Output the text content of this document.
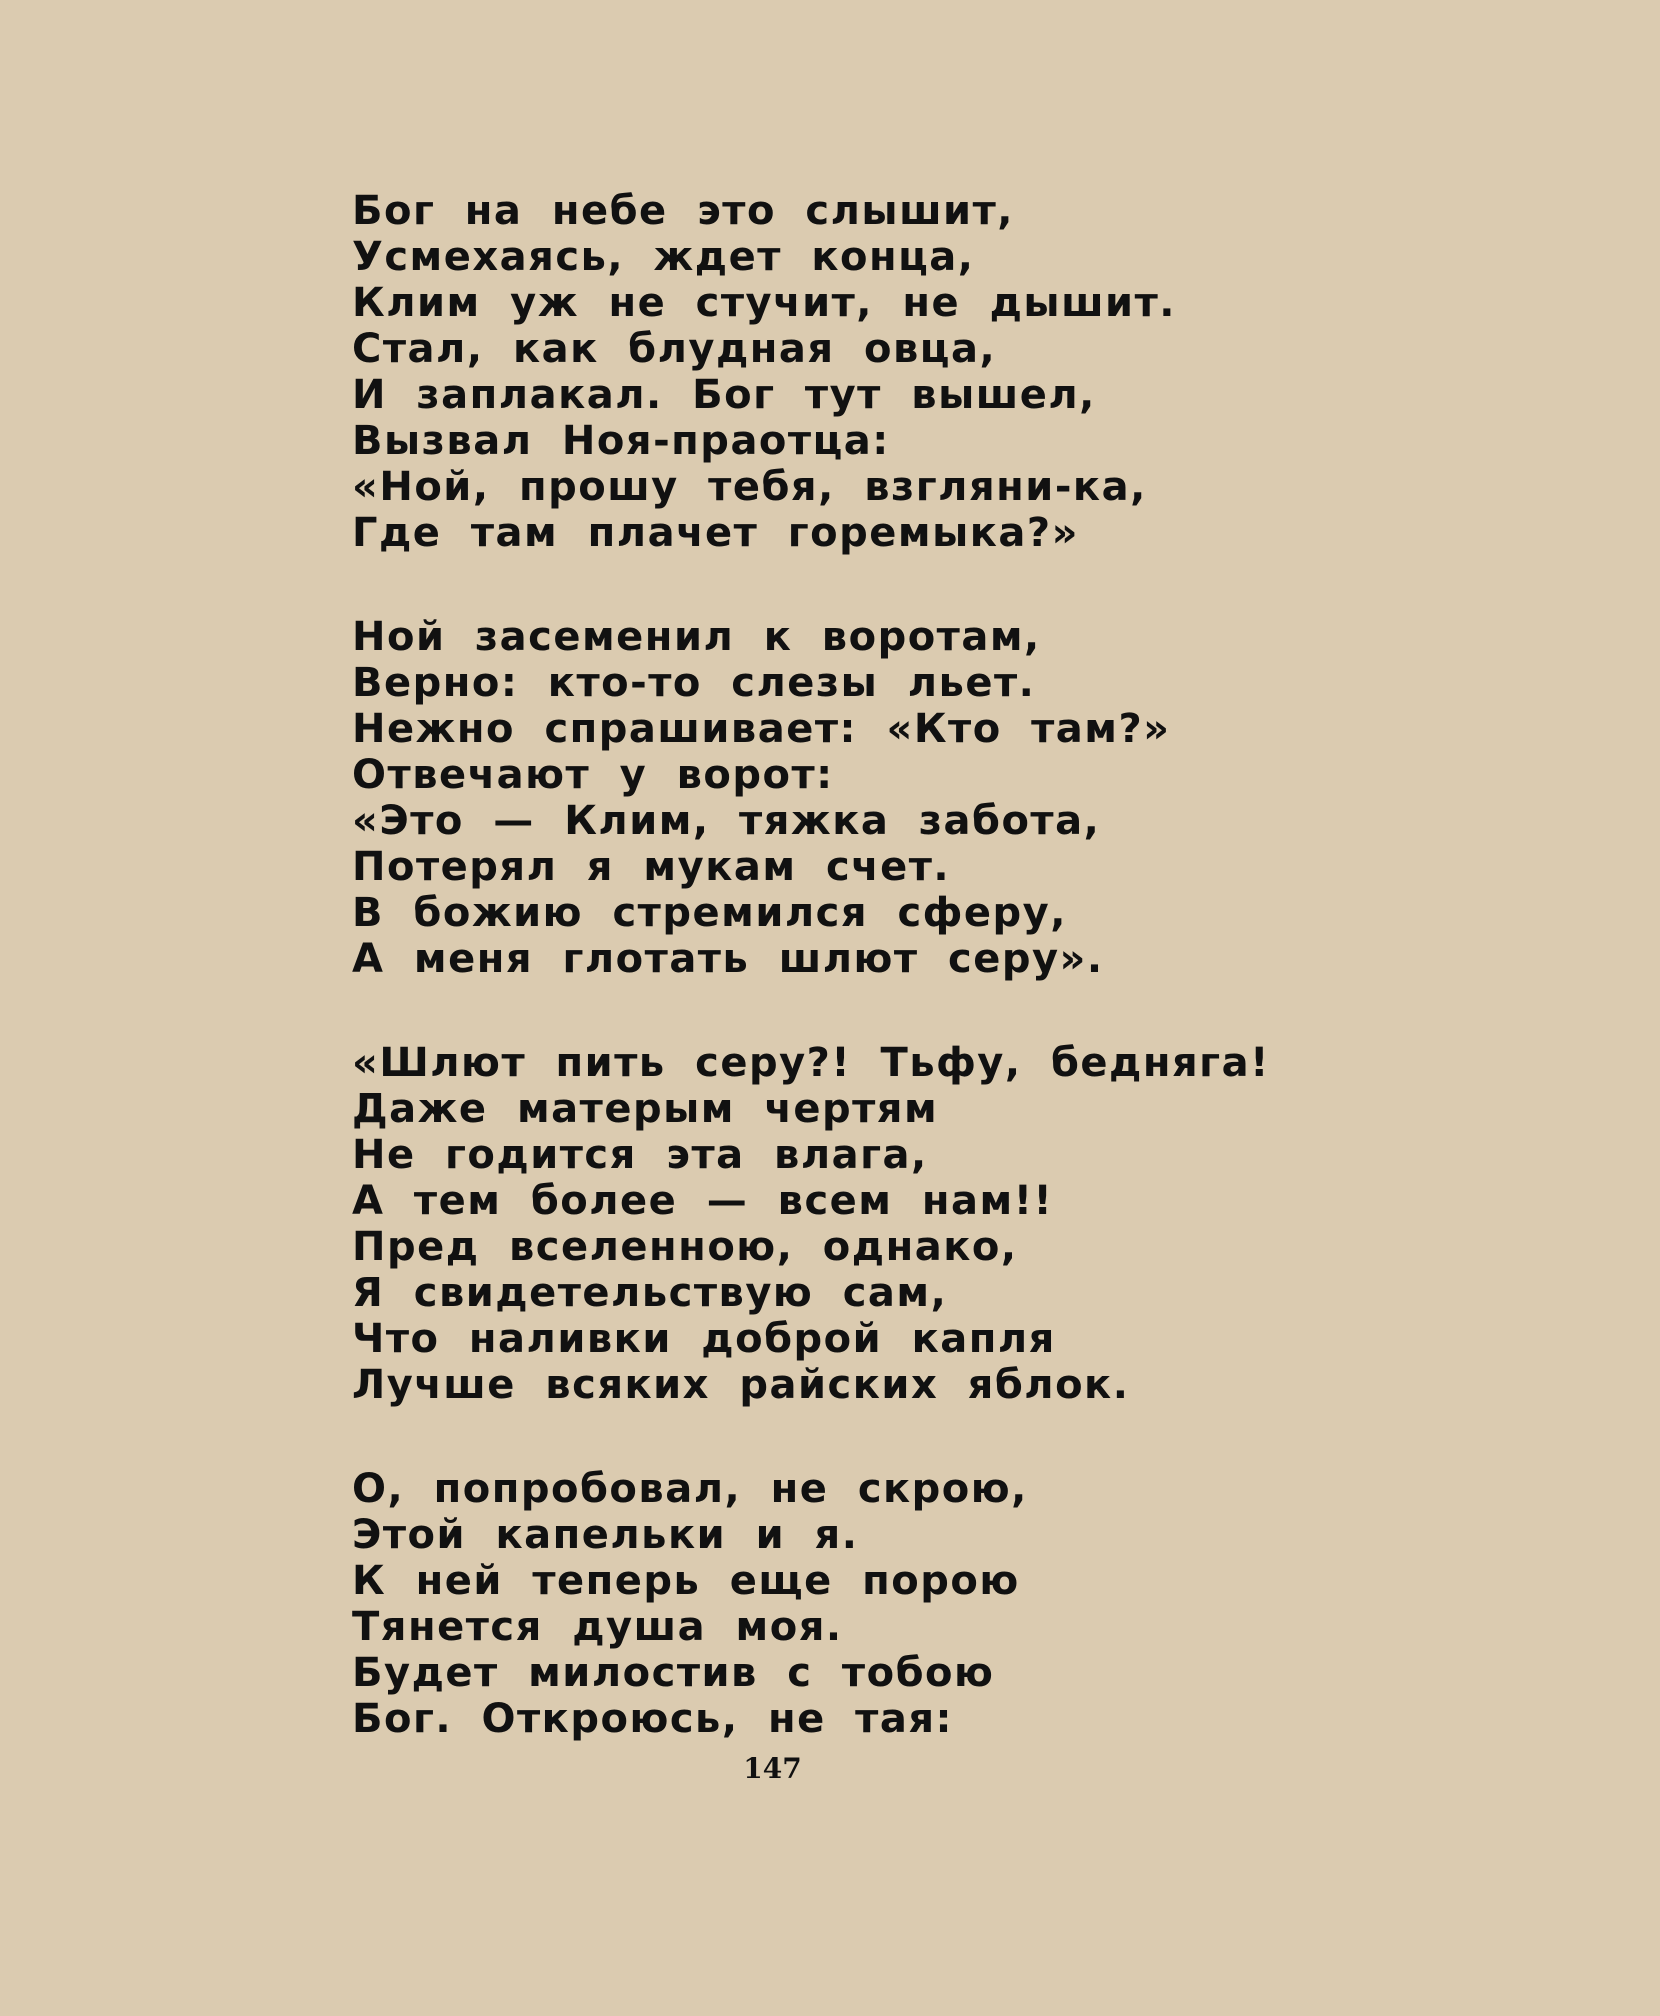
Бог на небе это слышит,
Усмехаясь, ждет конца,
Клим уж не стучит, не дышит.
Стал, как блудная овца,
И заплакал. Бог тут вышел,
Вызвал Ноя-праотца:
«Ной, прошу тебя, взгляни-ка,
Где там плачет горемыка?»
Ной засеменил к воротам,
Верно: кто-то слезы льет.
Нежно спрашивает: «Кто там?»
Отвечают у ворот:
«Это — Клим, тяжка забота,
Потерял я мукам счет.
В божию стремился сферу,
А меня глотать шлют серу».
«Шлют пить серу?! Тьфу, бедняга!
Даже матерым чертям
Не годится эта влага,
А тем более — всем нам!!
Пред вселенною, однако,
Я свидетельствую сам,
Что наливки доброй капля
Лучше всяких райских яблок.
О, попробовал, не скрою,
Этой капельки и я.
К ней теперь еще порою
Тянется душа моя.
Будет милостив с тобою
Бог. Откроюсь, не тая:
147
